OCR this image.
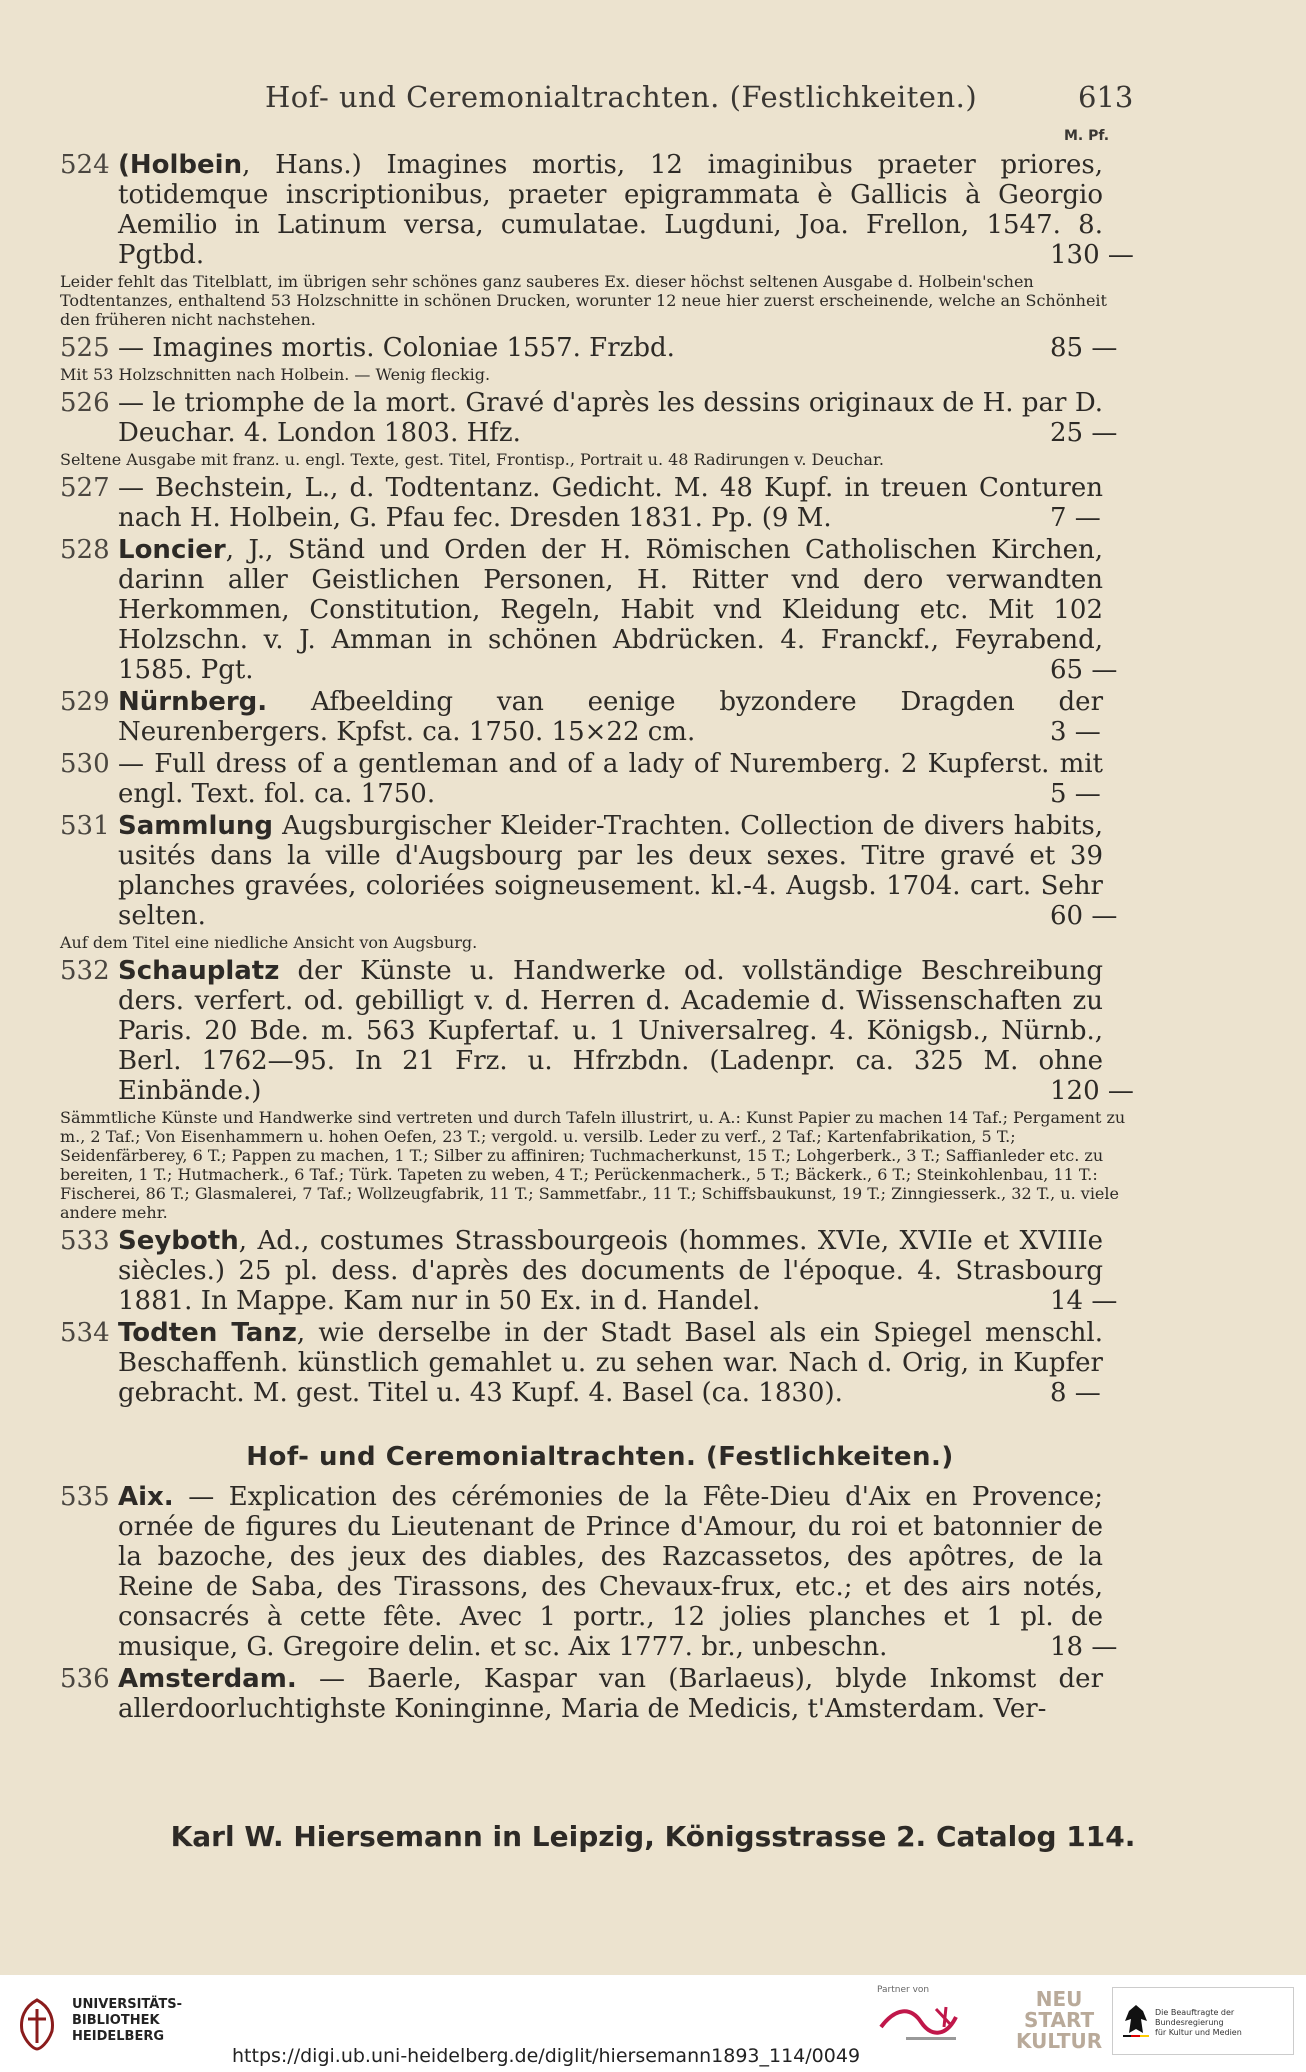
Hof- und Ceremonialtrachten. (Festlichkeiten.)	613
M. Pf.
524 (Holbein, Hans.) Imagines mortis, 12 imaginibus praeter priores, totidemque inscriptionibus, praeter epigrammata è Gallicis à Georgio Aemilio in Latinum versa, cumulatae. Lugduni, Joa. Frellon, 1547. 8. Pgtbd.	130 —
Leider fehlt das Titelblatt, im übrigen sehr schönes ganz sauberes Ex. dieser höchst seltenen Ausgabe d. Holbein'schen Todtentanzes, enthaltend 53 Holzschnitte in schönen Drucken, worunter 12 neue hier zuerst erscheinende, welche an Schönheit den früheren nicht nachstehen.
525 — Imagines mortis. Coloniae 1557. Frzbd.	85 —
Mit 53 Holzschnitten nach Holbein. — Wenig fleckig.
526 — le triomphe de la mort. Gravé d'après les dessins originaux de H. par D. Deuchar. 4. London 1803. Hfz.	25 —
Seltene Ausgabe mit franz. u. engl. Texte, gest. Titel, Frontisp., Portrait u. 48 Radirungen v. Deuchar.
527 — Bechstein, L., d. Todtentanz. Gedicht. M. 48 Kupf. in treuen Conturen nach H. Holbein, G. Pfau fec. Dresden 1831. Pp. (9 M.	7 —
528 Loncier, J., Ständ und Orden der H. Römischen Catholischen Kirchen, darinn aller Geistlichen Personen, H. Ritter vnd dero verwandten Herkommen, Constitution, Regeln, Habit vnd Kleidung etc. Mit 102 Holzschn. v. J. Amman in schönen Abdrücken. 4. Franckf., Feyrabend, 1585. Pgt.	65 —
529 Nürnberg. Afbeelding van eenige byzondere Dragden der Neurenbergers. Kpfst. ca. 1750. 15×22 cm.	3 —
530 — Full dress of a gentleman and of a lady of Nuremberg. 2 Kupferst. mit engl. Text. fol. ca. 1750.	5 —
531 Sammlung Augsburgischer Kleider-Trachten. Collection de divers habits, usités dans la ville d'Augsbourg par les deux sexes. Titre gravé et 39 planches gravées, coloriées soigneusement. kl.-4. Augsb. 1704. cart. Sehr selten.	60 —
Auf dem Titel eine niedliche Ansicht von Augsburg.
532 Schauplatz der Künste u. Handwerke od. vollständige Beschreibung ders. verfert. od. gebilligt v. d. Herren d. Academie d. Wissenschaften zu Paris. 20 Bde. m. 563 Kupfertaf. u. 1 Universalreg. 4. Königsb., Nürnb., Berl. 1762—95. In 21 Frz. u. Hfrzbdn. (Ladenpr. ca. 325 M. ohne Einbände.)	120 —
Sämmtliche Künste und Handwerke sind vertreten und durch Tafeln illustrirt, u. A.: Kunst Papier zu machen 14 Taf.; Pergament zu m., 2 Taf.; Von Eisenhammern u. hohen Oefen, 23 T.; vergold. u. versilb. Leder zu verf., 2 Taf.; Kartenfabrikation, 5 T.; Seidenfärberey, 6 T.; Pappen zu machen, 1 T.; Silber zu affiniren; Tuchmacherkunst, 15 T.; Lohgerberk., 3 T.; Saffianleder etc. zu bereiten, 1 T.; Hutmacherk., 6 Taf.; Türk. Tapeten zu weben, 4 T.; Perückenmacherk., 5 T.; Bäckerk., 6 T.; Steinkohlenbau, 11 T.: Fischerei, 86 T.; Glasmalerei, 7 Taf.; Wollzeugfabrik, 11 T.; Sammetfabr., 11 T.; Schiffsbaukunst, 19 T.; Zinngiesserk., 32 T., u. viele andere mehr.
533 Seyboth, Ad., costumes Strassbourgeois (hommes. XVIe, XVIIe et XVIIIe siècles.) 25 pl. dess. d'après des documents de l'époque. 4. Strasbourg 1881. In Mappe. Kam nur in 50 Ex. in d. Handel.	14 —
534 Todten Tanz, wie derselbe in der Stadt Basel als ein Spiegel menschl. Beschaffenh. künstlich gemahlet u. zu sehen war. Nach d. Orig, in Kupfer gebracht. M. gest. Titel u. 43 Kupf. 4. Basel (ca. 1830).	8 —
Hof- und Ceremonialtrachten. (Festlichkeiten.)
535 Aix. — Explication des cérémonies de la Fête-Dieu d'Aix en Provence; ornée de figures du Lieutenant de Prince d'Amour, du roi et batonnier de la bazoche, des jeux des diables, des Razcassetos, des apôtres, de la Reine de Saba, des Tirassons, des Chevaux-frux, etc.; et des airs notés, consacrés à cette fête. Avec 1 portr., 12 jolies planches et 1 pl. de musique, G. Gregoire delin. et sc. Aix 1777. br., unbeschn.	18 —
536 Amsterdam. — Baerle, Kaspar van (Barlaeus), blyde Inkomst der allerdoorluchtighste Koninginne, Maria de Medicis, t'Amsterdam. Ver-
Karl W. Hiersemann in Leipzig, Königsstrasse 2. Catalog 114.
UNIVERSITÄTS-
BIBLIOTHEK
HEIDELBERG
Partner von	NEU
START
KULTUR
Die Beauftragte der Bundesregierung
für Kultur und Medien
https://digi.ub.uni-heidelberg.de/diglit/hiersemann1893_114/0049
